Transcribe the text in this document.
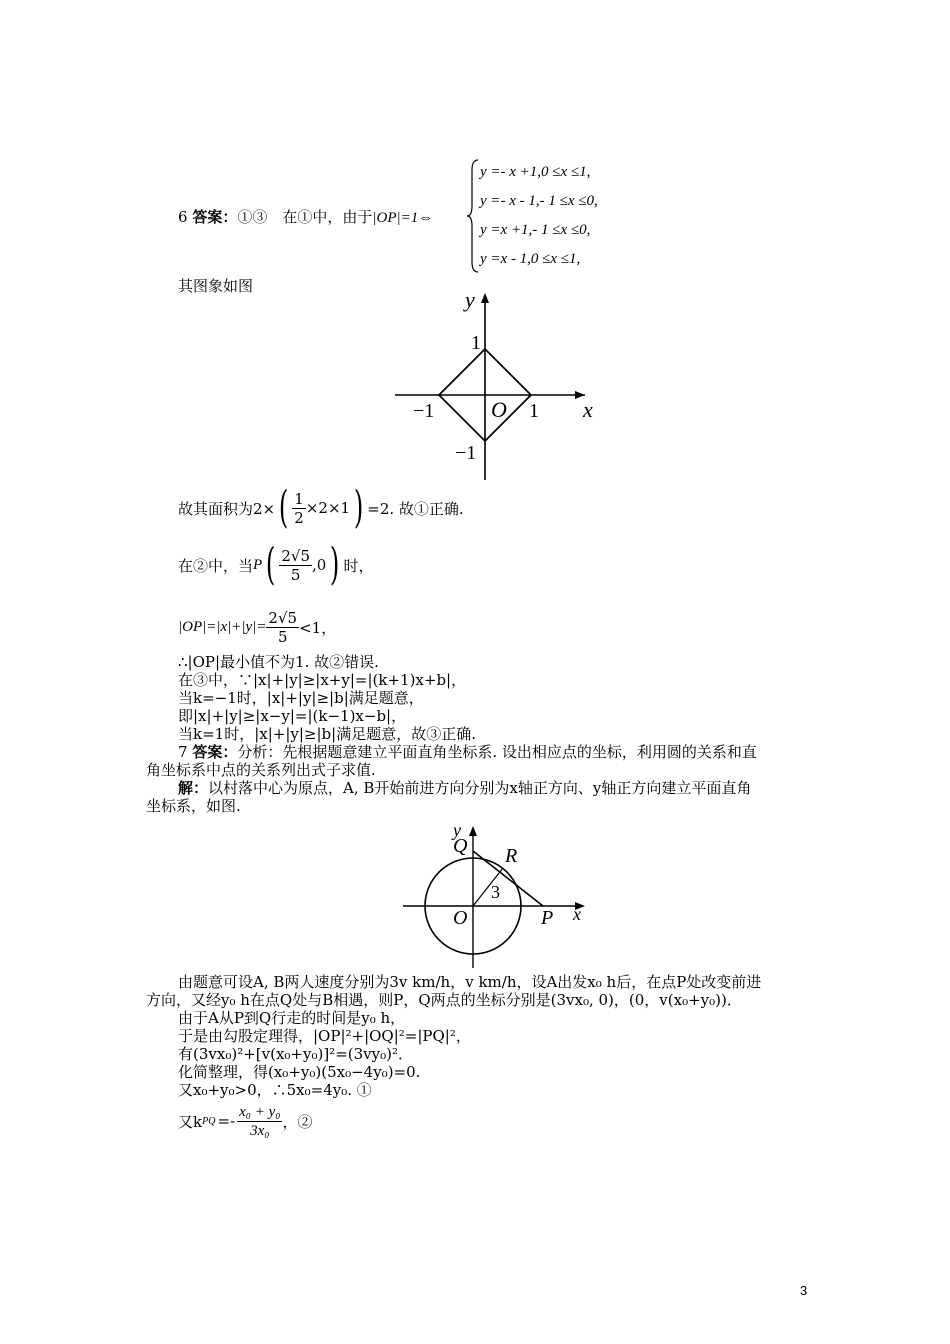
6 答案：①③　在①中，由于|OP|=1⇔
y =- x +1,0 ≤x ≤1,
y =- x - 1,- 1 ≤x ≤0,
y =x +1,- 1 ≤x ≤0,
y =x - 1,0 ≤x ≤1,
其图象如图
x
y
1
−1
−1	1
O
故其面积为2× ( $\frac{1}{2} \times 2\times 1$ ) =2. 故①正确.
在②中，当 P ( $\frac{2√5}{5} ,0$ ) 时，
$|OP|=|x|+|y|= \frac{2√5}{5} <1$，
∴|OP|最小值不为1. 故②错误.
在③中，∵|x|+|y|≥|x+y|=|(k+1)x+b|，
当k=−1时，|x|+|y|≥|b|满足题意，
即|x|+|y|≥|x−y|=|(k−1)x−b|，
当k=1时，|x|+|y|≥|b|满足题意，故③正确.
7 答案：分析：先根据题意建立平面直角坐标系. 设出相应点的坐标，利用圆的关系和直
角坐标系中点的关系列出式子求值.
解：以村落中心为原点，A, B开始前进方向分别为x轴正方向、y轴正方向建立平面直角
坐标系，如图.
y
x
Q R
3
O	P
由题意可设A, B两人速度分别为3v km/h，v km/h，设A出发x₀ h后，在点P处改变前进
方向，又经y₀ h在点Q处与B相遇，则P，Q两点的坐标分别是(3vx₀, 0)，(0，v(x₀+y₀))．
由于A从P到Q行走的时间是y₀ h，
于是由勾股定理得，|OP|²+|OQ|²=|PQ|²，
有(3vx₀)²+[v(x₀+y₀)]²=(3vy₀)²．
化简整理，得(x₀+y₀)(5x₀−4y₀)=0.
又x₀+y₀>0，∴5x₀=4y₀. ①
又k PQ =- $\frac{\text{x₀ + y₀}}{\text{3x₀}}$ ，②
3
